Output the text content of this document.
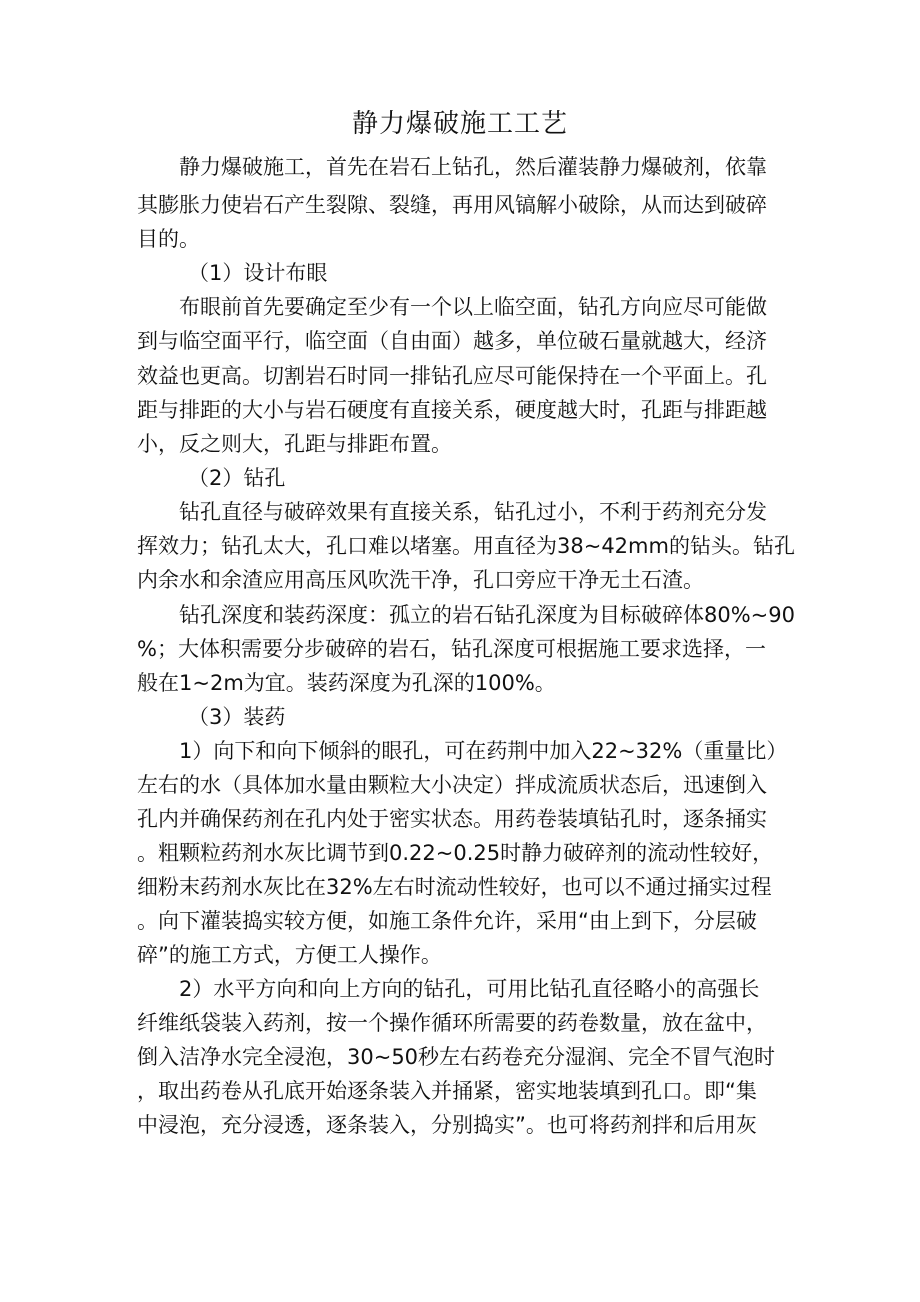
静力爆破施工工艺
静力爆破施工，首先在岩石上钻孔，然后灌装静力爆破剂，依靠
其膨胀力使岩石产生裂隙、裂缝，再用风镐解小破除，从而达到破碎
目的。
（1）设计布眼
布眼前首先要确定至少有一个以上临空面，钻孔方向应尽可能做
到与临空面平行，临空面（自由面）越多，单位破石量就越大，经济
效益也更高。切割岩石时同一排钻孔应尽可能保持在一个平面上。孔
距与排距的大小与岩石硬度有直接关系，硬度越大时，孔距与排距越
小，反之则大，孔距与排距布置。
（2）钻孔
钻孔直径与破碎效果有直接关系，钻孔过小，不利于药剂充分发
挥效力；钻孔太大，孔口难以堵塞。用直径为38~42mm的钻头。钻孔
内余水和余渣应用高压风吹洗干净，孔口旁应干净无土石渣。
钻孔深度和装药深度：孤立的岩石钻孔深度为目标破碎体80%~90
%；大体积需要分步破碎的岩石，钻孔深度可根据施工要求选择，一
般在1~2m为宜。装药深度为孔深的100%。
（3）装药
1）向下和向下倾斜的眼孔，可在药荆中加入22~32%（重量比）
左右的水（具体加水量由颗粒大小决定）拌成流质状态后，迅速倒入
孔内并确保药剂在孔内处于密实状态。用药卷装填钻孔时，逐条捅实
。粗颗粒药剂水灰比调节到0.22~0.25时静力破碎剂的流动性较好，
细粉末药剂水灰比在32%左右时流动性较好，也可以不通过捅实过程
。向下灌装捣实较方便，如施工条件允许，采用“由上到下，分层破
碎”的施工方式，方便工人操作。
2）水平方向和向上方向的钻孔，可用比钻孔直径略小的高强长
纤维纸袋装入药剂，按一个操作循环所需要的药卷数量，放在盆中，
倒入洁净水完全浸泡，30~50秒左右药卷充分湿润、完全不冒气泡时
，取出药卷从孔底开始逐条装入并捅紧，密实地装填到孔口。即“集
中浸泡，充分浸透，逐条装入，分别捣实”。也可将药剂拌和后用灰
